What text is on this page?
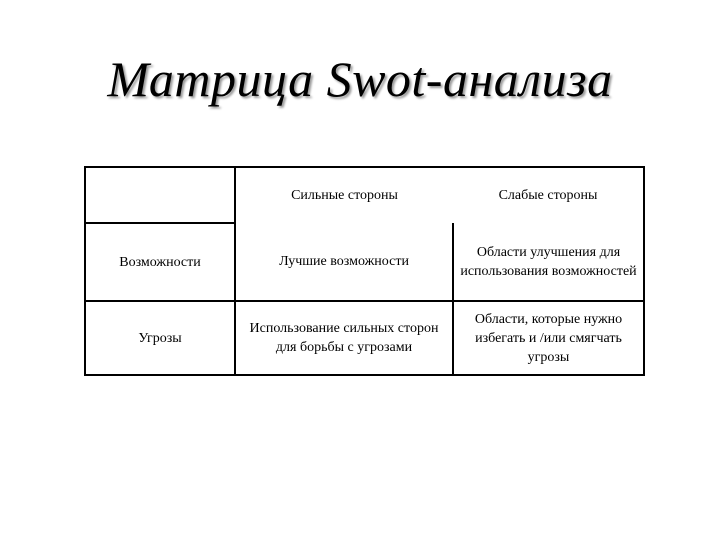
Матрица Swot-анализа
	Сильные стороны	Слабые стороны
Возможности	Лучшие возможности	Области улучшения для использования возможностей
Угрозы	Использование сильных сторон для борьбы с угрозами	Области, которые нужно избегать и /или смягчать угрозы
